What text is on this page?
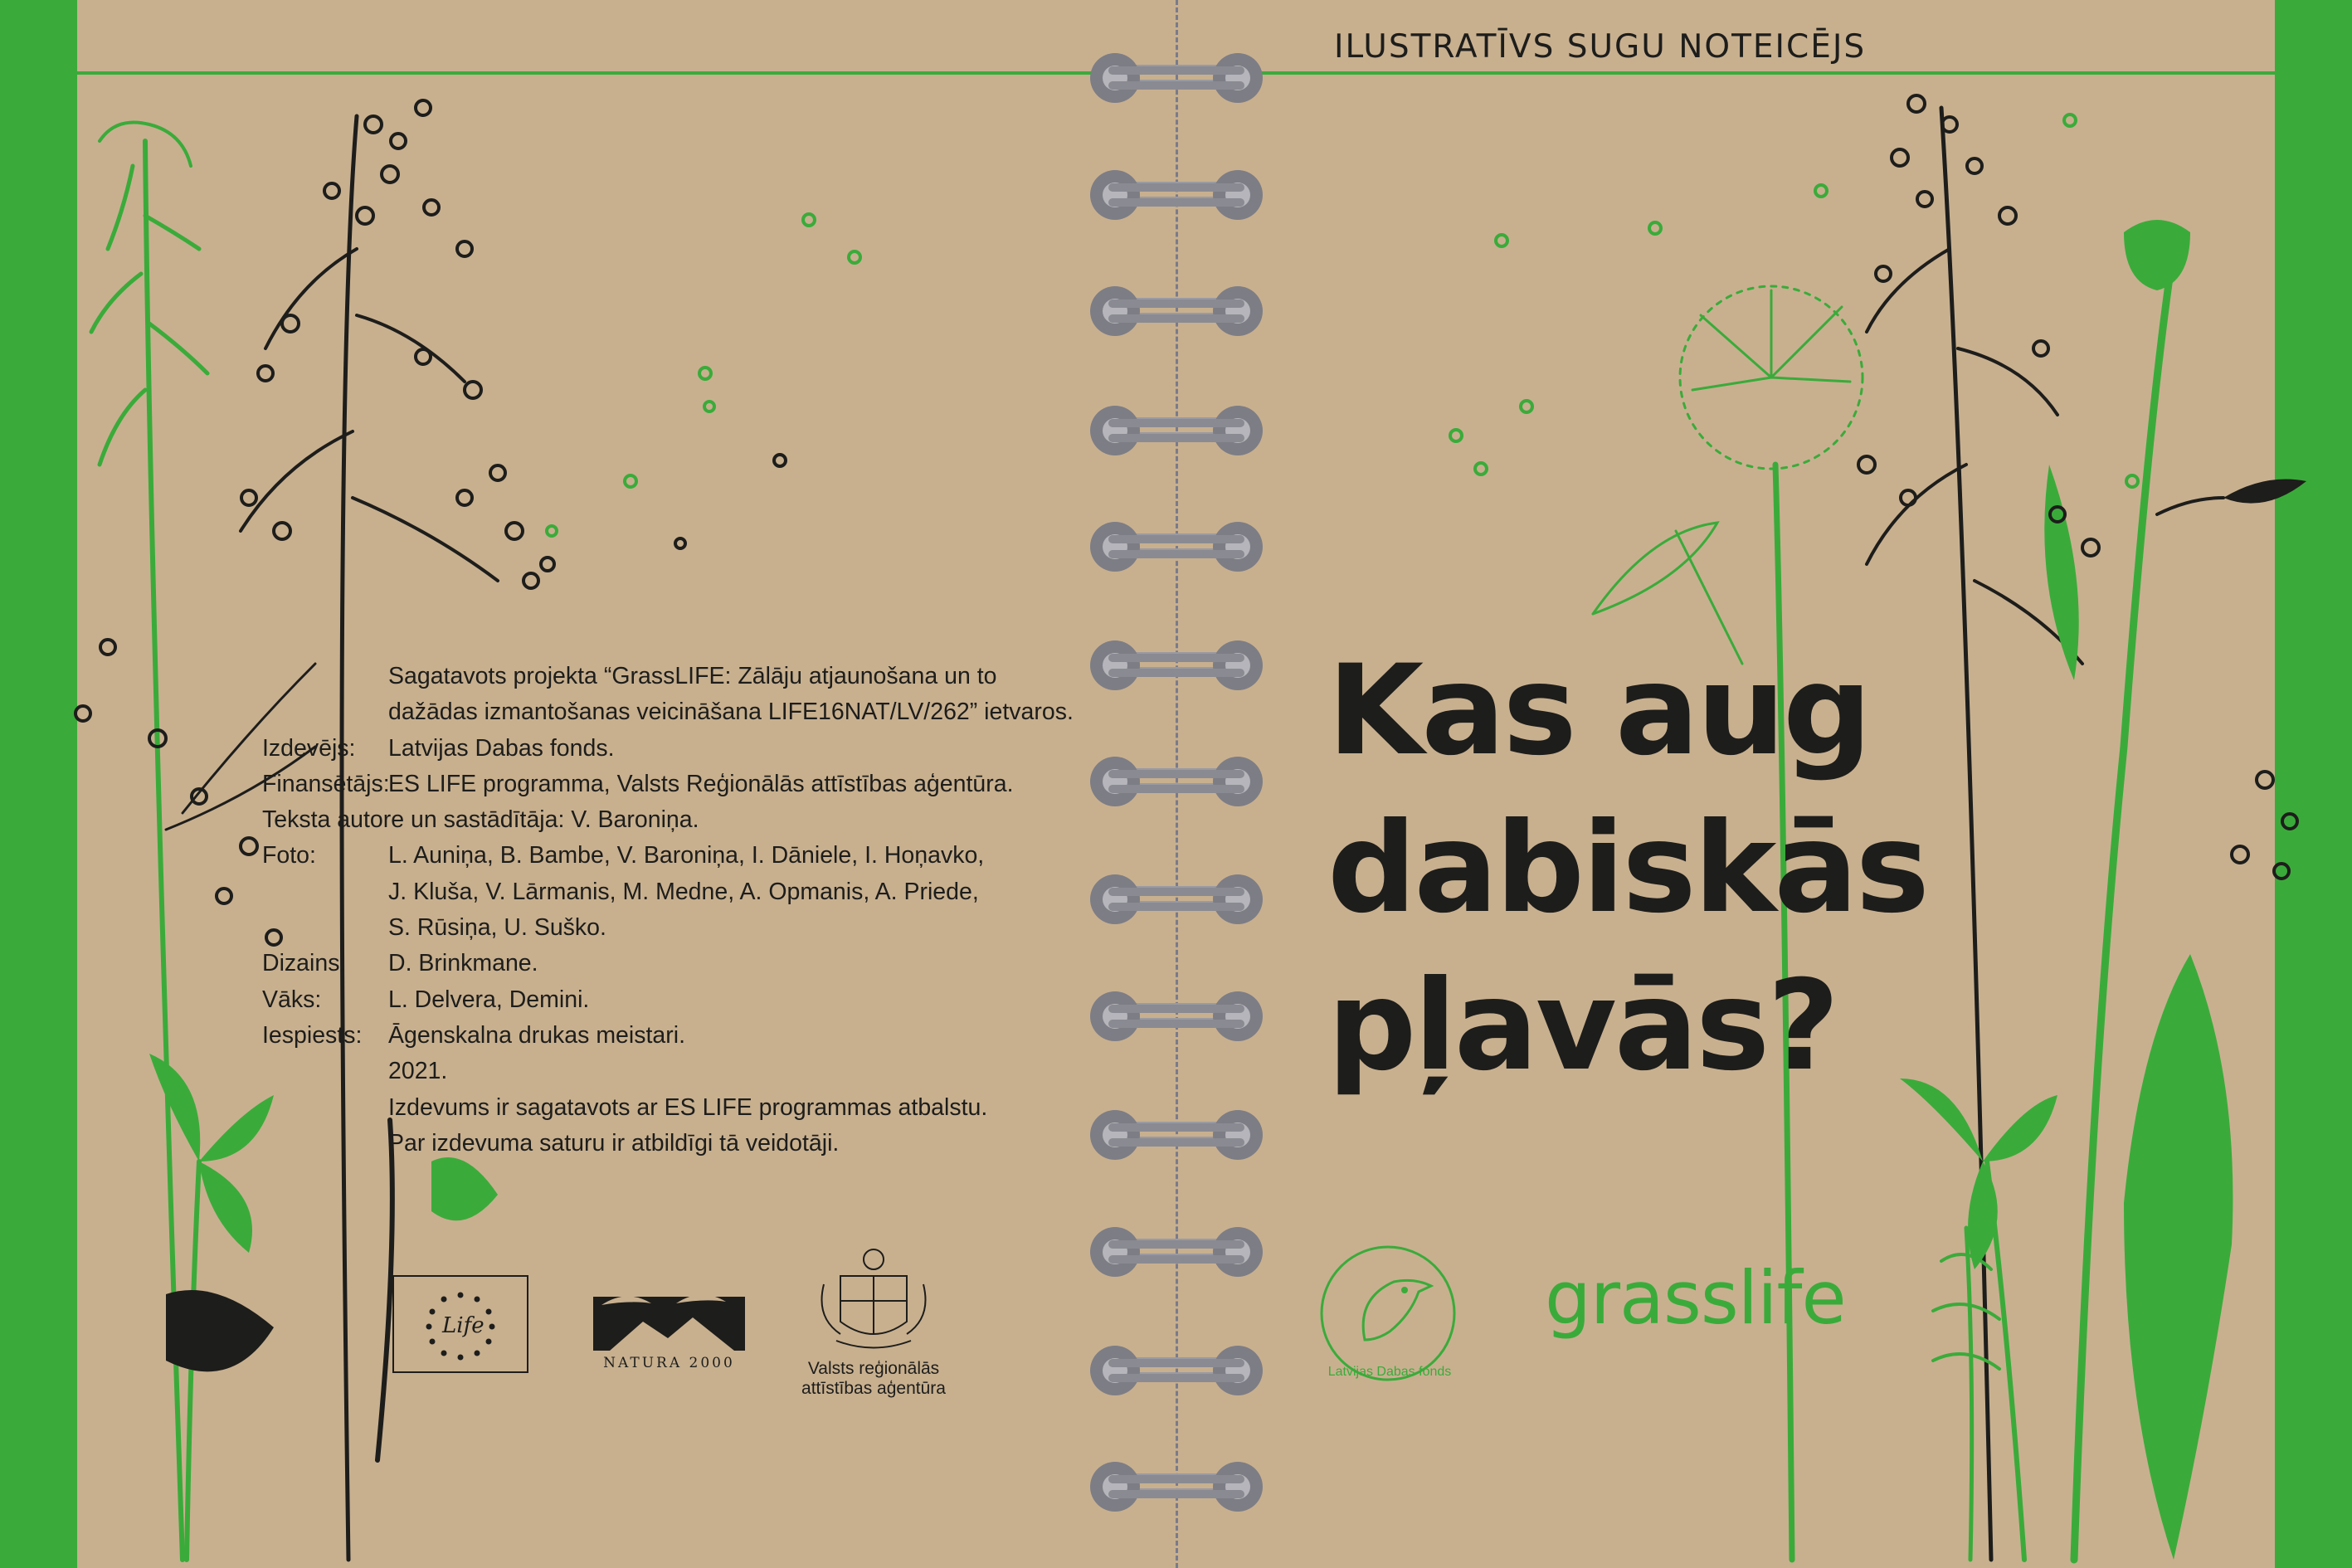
ILUSTRATĪVS SUGU NOTEICĒJS
Kas aug
dabiskās
pļavās?
Sagatavots projekta “GrassLIFE: Zālāju atjaunošana un to
dažādas izmantošanas veicināšana LIFE16NAT/LV/262” ietvaros.
Izdevējs:	Latvijas Dabas fonds.
Finansētājs:
ES LIFE programma, Valsts Reģionālās attīstības aģentūra.
Teksta autore un sastādītāja: V. Baroniņa.
Foto:	L. Auniņa, B. Bambe, V. Baroniņa, I. Dāniele, I. Hoņavko,
J. Kluša, V. Lārmanis, M. Medne, A. Opmanis, A. Priede,
S. Rūsiņa, U. Suško.
Dizains:	D. Brinkmane.
Vāks:	L. Delvera, Demini.
Iespiests:	Āgenskalna drukas meistari.
2021.
Izdevums ir sagatavots ar ES LIFE programmas atbalstu.
Par izdevuma saturu ir atbildīgi tā veidotāji.
Life
NATURA 2000	Valsts reģionālās
attīstības aģentūra
Latvijas Dabas fonds
grasslife
